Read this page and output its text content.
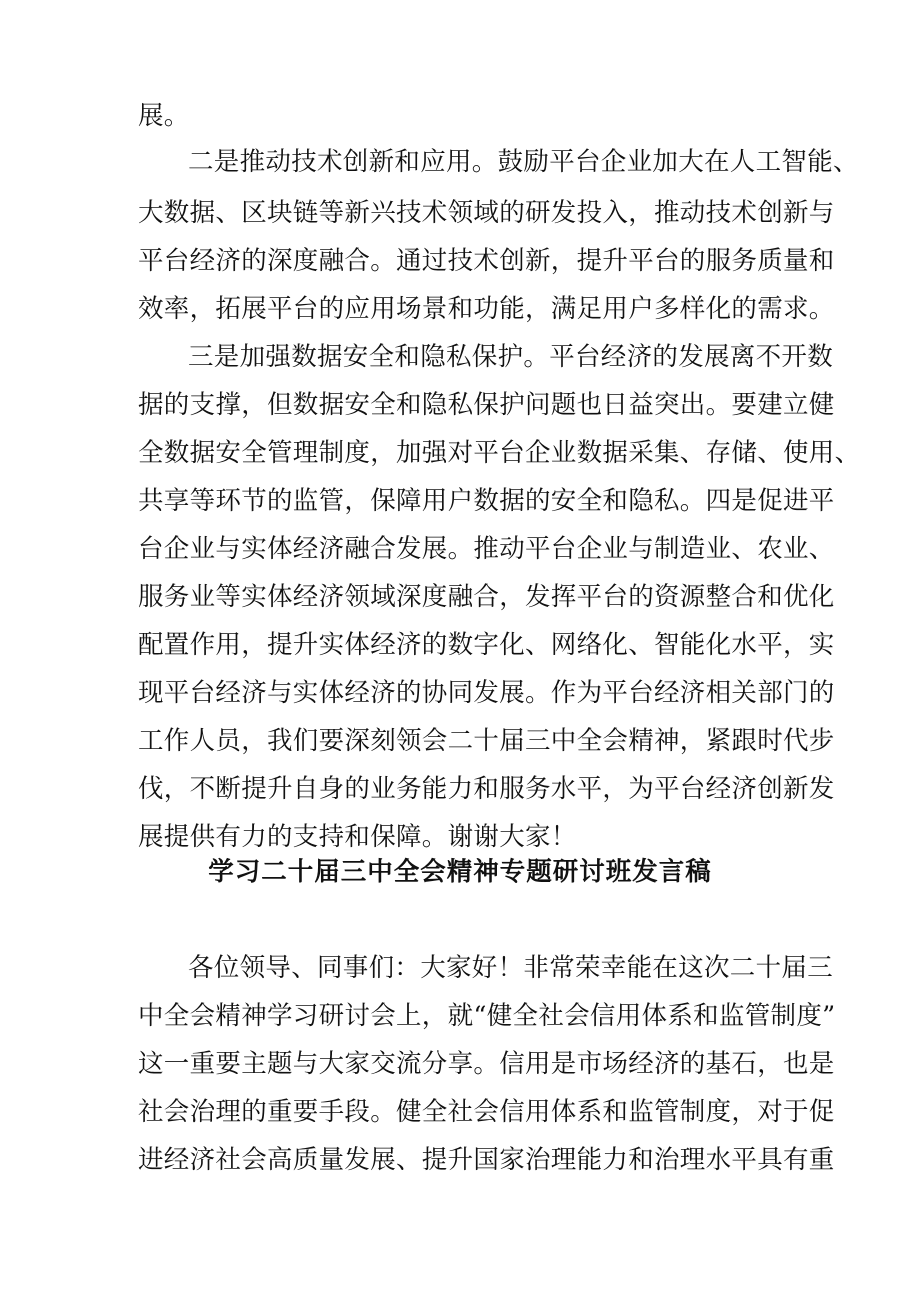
展。
二是推动技术创新和应用。鼓励平台企业加大在人工智能、
大数据、区块链等新兴技术领域的研发投入，推动技术创新与
平台经济的深度融合。通过技术创新，提升平台的服务质量和
效率，拓展平台的应用场景和功能，满足用户多样化的需求。
三是加强数据安全和隐私保护。平台经济的发展离不开数
据的支撑，但数据安全和隐私保护问题也日益突出。要建立健
全数据安全管理制度，加强对平台企业数据采集、存储、使用、
共享等环节的监管，保障用户数据的安全和隐私。四是促进平
台企业与实体经济融合发展。推动平台企业与制造业、农业、
服务业等实体经济领域深度融合，发挥平台的资源整合和优化
配置作用，提升实体经济的数字化、网络化、智能化水平，实
现平台经济与实体经济的协同发展。作为平台经济相关部门的
工作人员，我们要深刻领会二十届三中全会精神，紧跟时代步
伐，不断提升自身的业务能力和服务水平，为平台经济创新发
展提供有力的支持和保障。谢谢大家！
学习二十届三中全会精神专题研讨班发言稿
各位领导、同事们：大家好！非常荣幸能在这次二十届三
中全会精神学习研讨会上，就“健全社会信用体系和监管制度”
这一重要主题与大家交流分享。信用是市场经济的基石，也是
社会治理的重要手段。健全社会信用体系和监管制度，对于促
进经济社会高质量发展、提升国家治理能力和治理水平具有重
